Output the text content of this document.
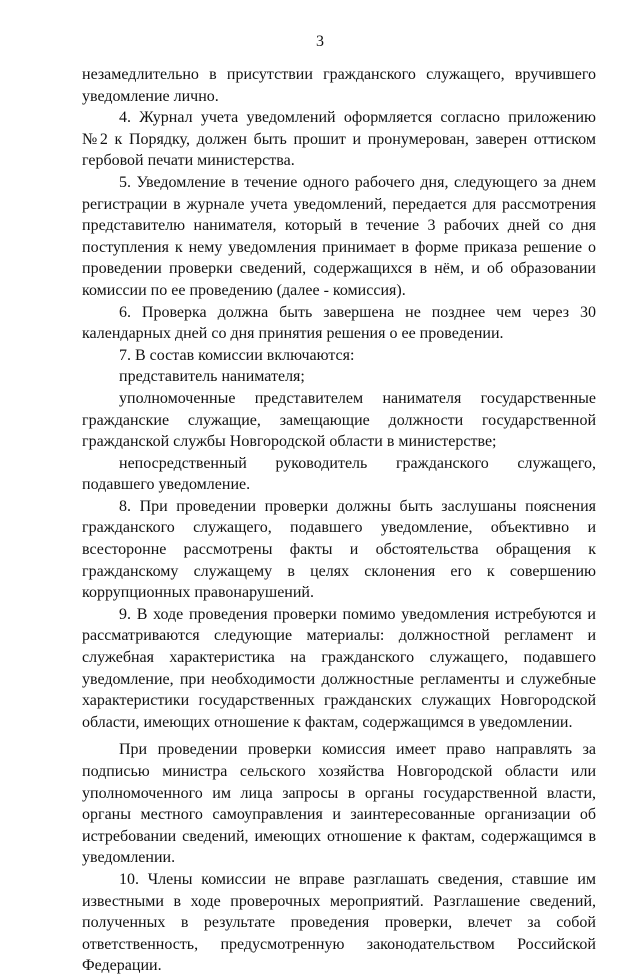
3

незамедлительно в присутствии гражданского служащего, вручившего уведомление лично.

4. Журнал учета уведомлений оформляется согласно приложению №2 к Порядку, должен быть прошит и пронумерован, заверен оттиском гербовой печати министерства.

5. Уведомление в течение одного рабочего дня, следующего за днем регистрации в журнале учета уведомлений, передается для рассмотрения представителю нанимателя, который в течение 3 рабочих дней со дня поступления к нему уведомления принимает в форме приказа решение о проведении проверки сведений, содержащихся в нём, и об образовании комиссии по ее проведению (далее - комиссия).

6. Проверка должна быть завершена не позднее чем через 30 календарных дней со дня принятия решения о ее проведении.

7. В состав комиссии включаются:

представитель нанимателя;

уполномоченные представителем нанимателя государственные гражданские служащие, замещающие должности государственной гражданской службы Новгородской области в министерстве;

непосредственный руководитель гражданского служащего, подавшего уведомление.

8. При проведении проверки должны быть заслушаны пояснения гражданского служащего, подавшего уведомление, объективно и всесторонне рассмотрены факты и обстоятельства обращения к гражданскому служащему в целях склонения его к совершению коррупционных правонарушений.

9. В ходе проведения проверки помимо уведомления истребуются и рассматриваются следующие материалы: должностной регламент и служебная характеристика на гражданского служащего, подавшего уведомление, при необходимости должностные регламенты и служебные характеристики государственных гражданских служащих Новгородской области, имеющих отношение к фактам, содержащимся в уведомлении.

При проведении проверки комиссия имеет право направлять за подписью министра сельского хозяйства Новгородской области или уполномоченного им лица запросы в органы государственной власти, органы местного самоуправления и заинтересованные организации об истребовании сведений, имеющих отношение к фактам, содержащимся в уведомлении.

10. Члены комиссии не вправе разглашать сведения, ставшие им известными в ходе проверочных мероприятий. Разглашение сведений, полученных в результате проведения проверки, влечет за собой ответственность, предусмотренную законодательством Российской Федерации.
